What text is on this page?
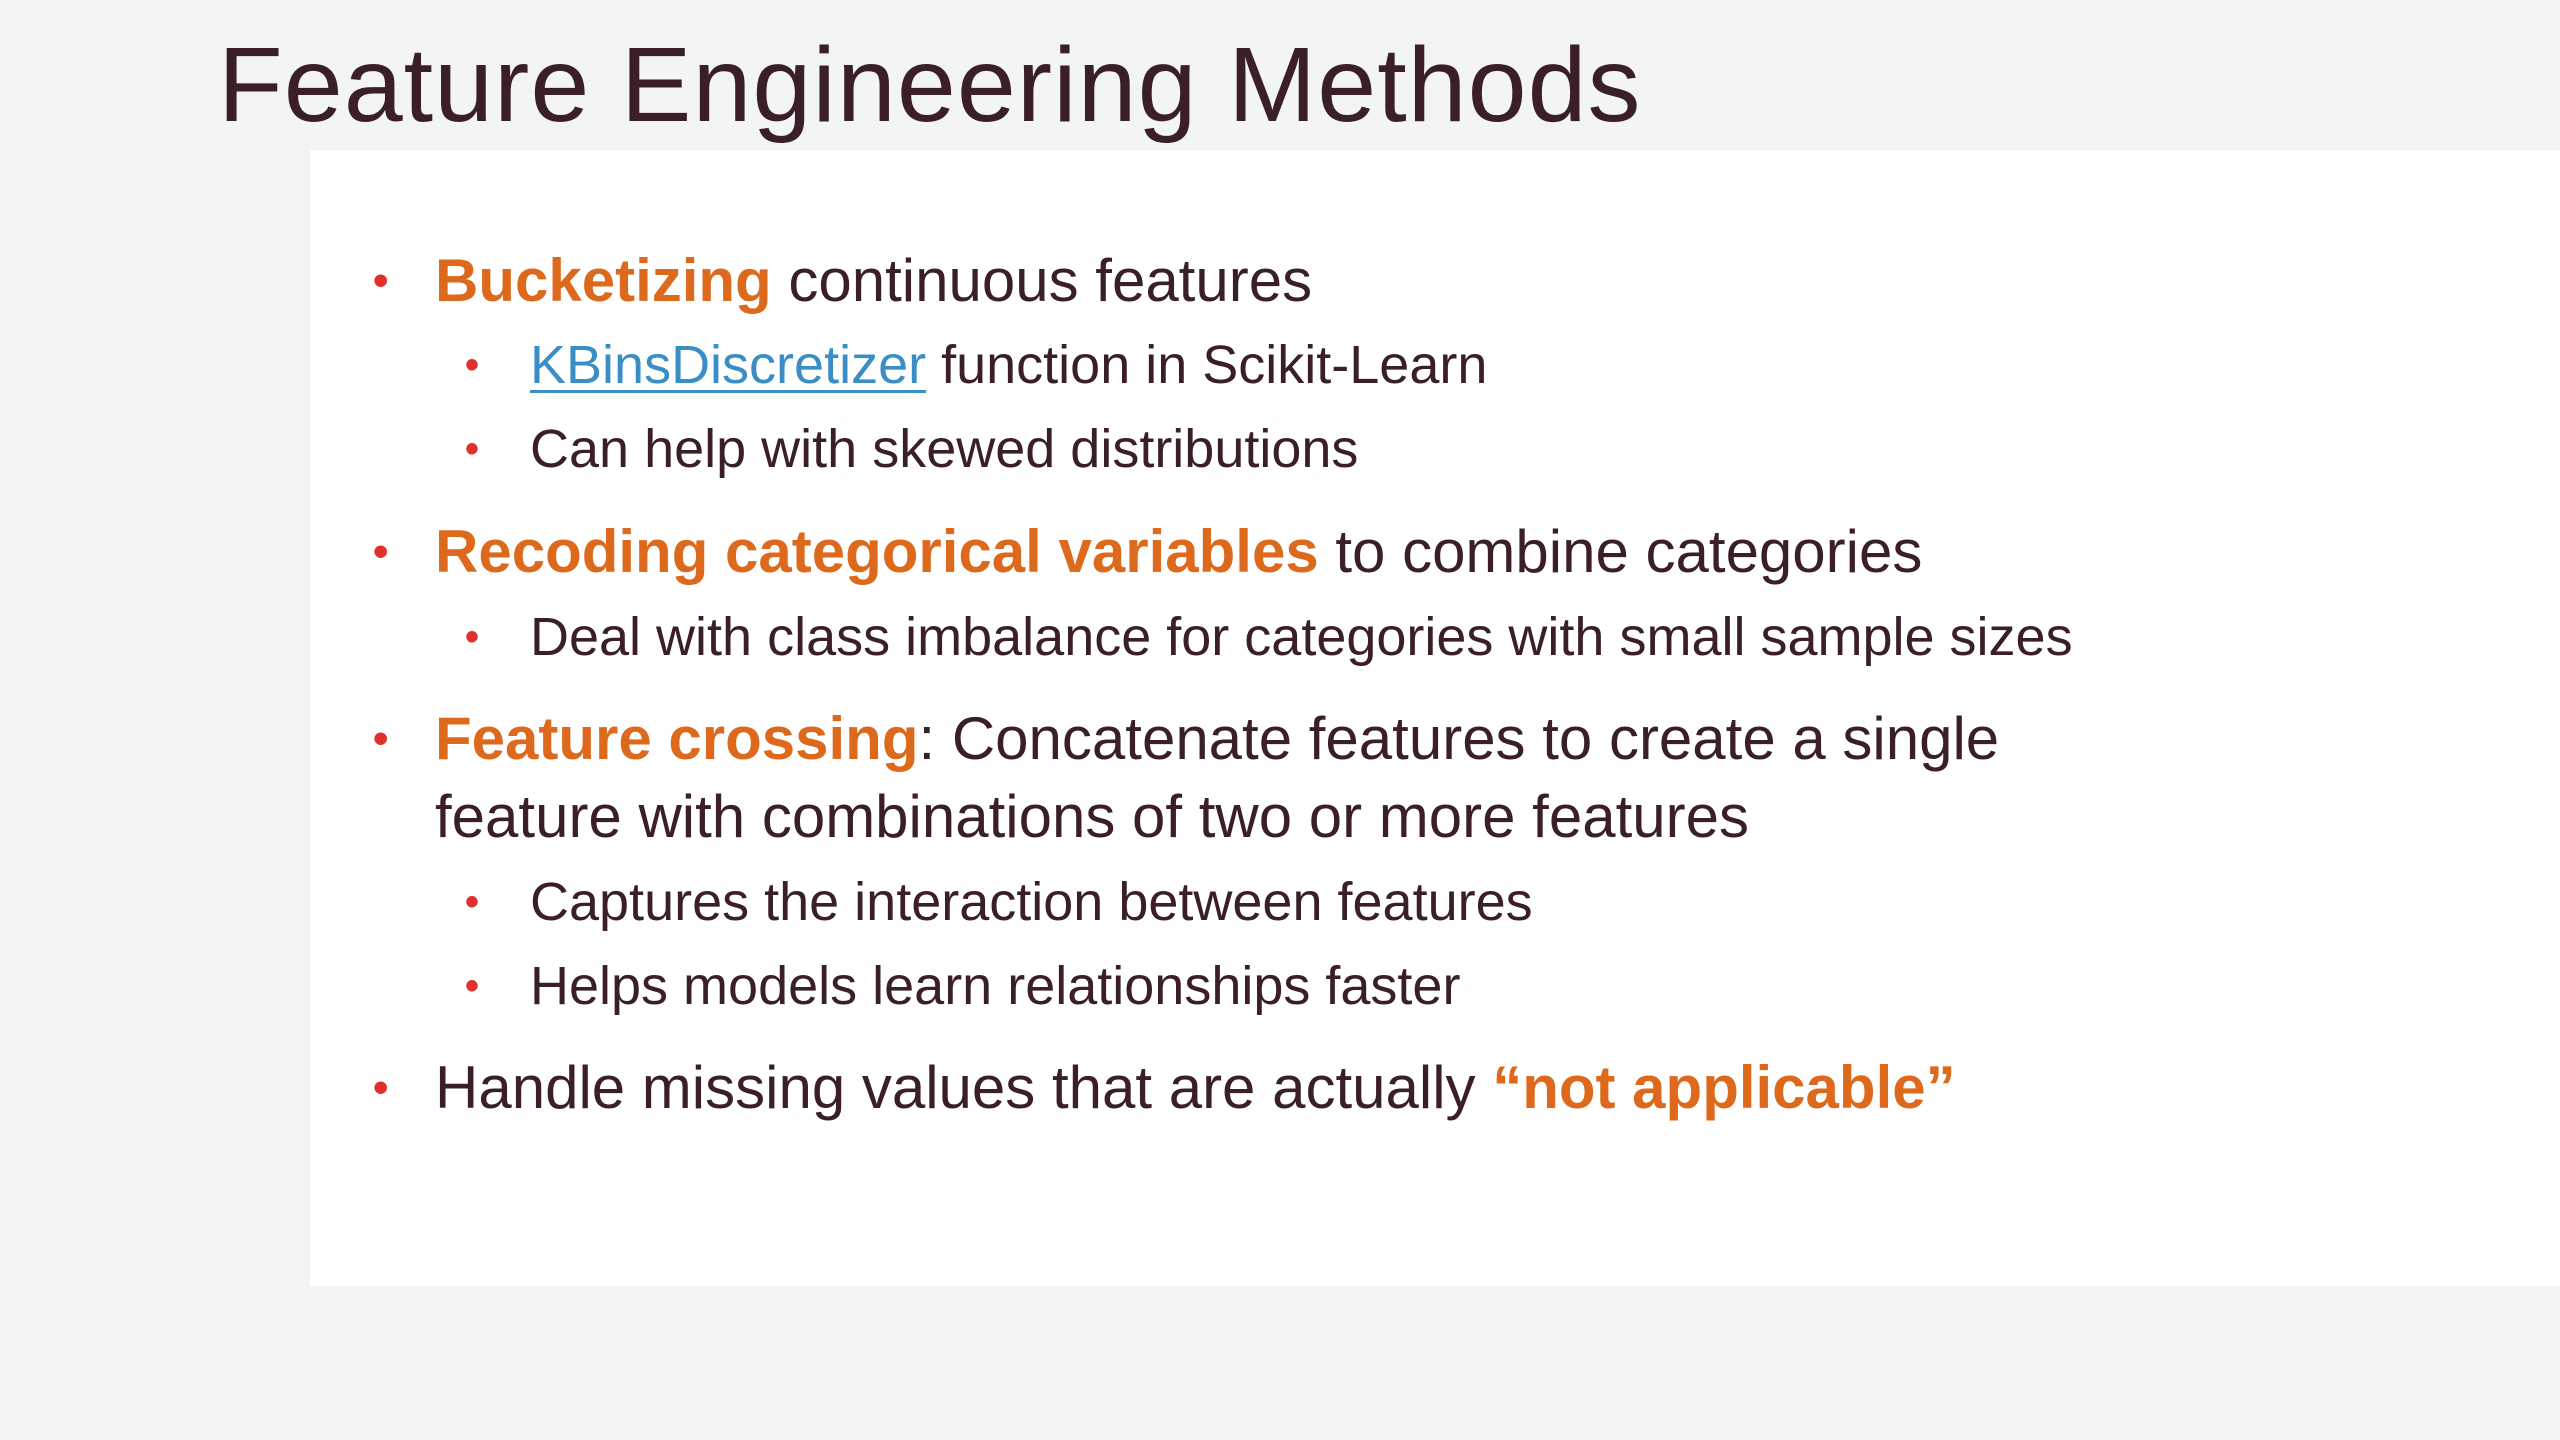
Feature Engineering Methods
• Bucketizing continuous features
• KBinsDiscretizer function in Scikit-Learn
• Can help with skewed distributions
• Recoding categorical variables to combine categories
• Deal with class imbalance for categories with small sample sizes
• Feature crossing: Concatenate features to create a single
feature with combinations of two or more features
• Captures the interaction between features
• Helps models learn relationships faster
• Handle missing values that are actually “not applicable”
